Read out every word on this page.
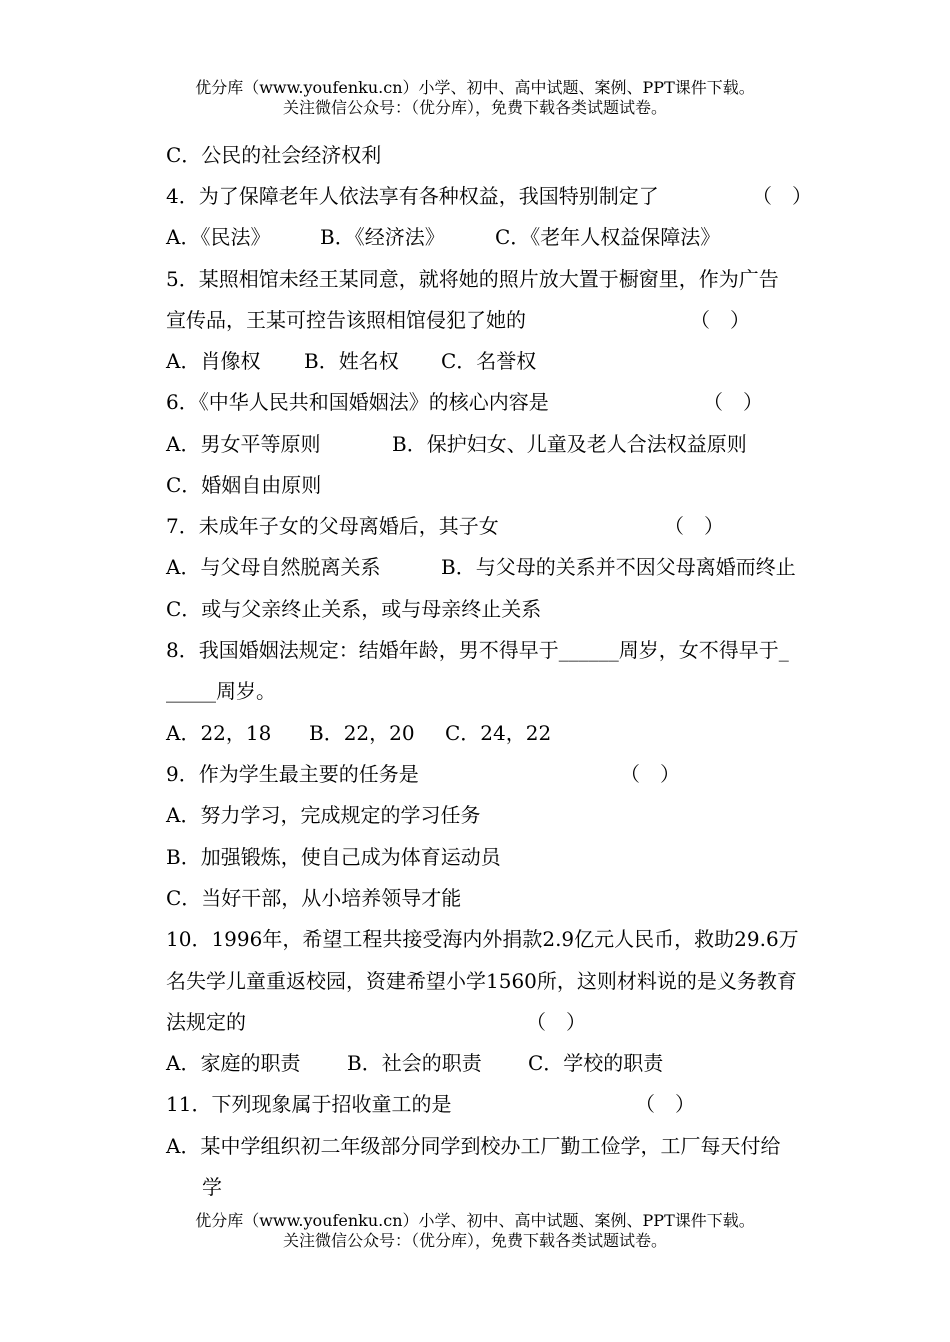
优分库（www.youfenku.cn）小学、初中、高中试题、案例、PPT课件下载。
关注微信公众号：（优分库），免费下载各类试题试卷。
C．公民的社会经济权利
4．为了保障老年人依法享有各种权益，我国特别制定了	（　）
A．《民法》 B．《经济法》	C．《老年人权益保障法》
5．某照相馆未经王某同意，就将她的照片放大置于橱窗里，作为广告
宣传品，王某可控告该照相馆侵犯了她的	（　）
A．肖像权 B．姓名权 C．名誉权
6．《中华人民共和国婚姻法》的核心内容是	（　）
A．男女平等原则	B．保护妇女、儿童及老人合法权益原则
C．婚姻自由原则
7．未成年子女的父母离婚后，其子女	（　）
A．与父母自然脱离关系	B．与父母的关系并不因父母离婚而终止
C．或与父亲终止关系，或与母亲终止关系
8．我国婚姻法规定：结婚年龄，男不得早于______周岁，女不得早于_
_____周岁。
A．22，18 B．22，20 C．24，22
9．作为学生最主要的任务是	（　）
A．努力学习，完成规定的学习任务
B．加强锻炼，使自己成为体育运动员
C．当好干部，从小培养领导才能
10．1996年，希望工程共接受海内外捐款2.9亿元人民币，救助29.6万
名失学儿童重返校园，资建希望小学1560所，这则材料说的是义务教育
法规定的	（　）
A．家庭的职责 B．社会的职责 C．学校的职责
11．下列现象属于招收童工的是	（　）
A．某中学组织初二年级部分同学到校办工厂勤工俭学，工厂每天付给
学
优分库（www.youfenku.cn）小学、初中、高中试题、案例、PPT课件下载。
关注微信公众号：（优分库），免费下载各类试题试卷。
